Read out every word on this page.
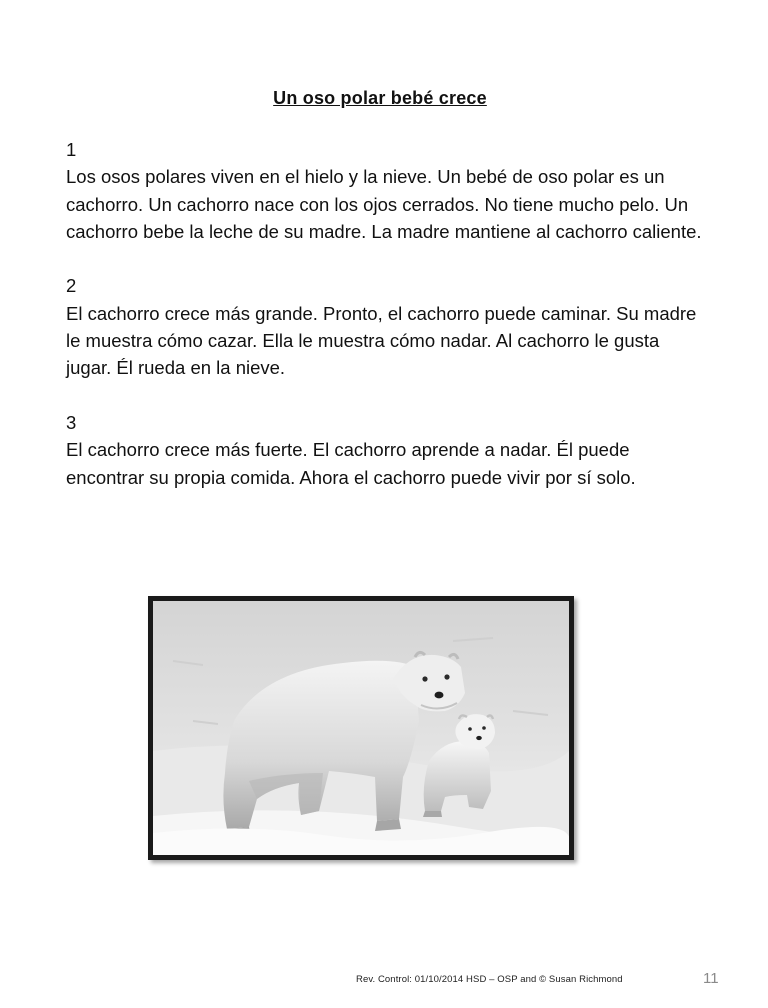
Un oso polar bebé crece
1
Los osos polares viven en el hielo y la nieve. Un bebé de oso polar es un cachorro. Un cachorro nace con los ojos cerrados. No tiene mucho pelo. Un cachorro bebe la leche de su madre. La madre mantiene al cachorro caliente.
2
El cachorro crece más grande. Pronto, el cachorro puede caminar. Su madre le muestra cómo cazar. Ella le muestra cómo nadar. Al cachorro le gusta jugar. Él rueda en la nieve.
3
El cachorro crece más fuerte. El cachorro aprende a nadar. Él puede encontrar su propia comida. Ahora el cachorro puede vivir por sí solo.
Rev. Control: 01/10/2014 HSD – OSP and © Susan Richmond	11
